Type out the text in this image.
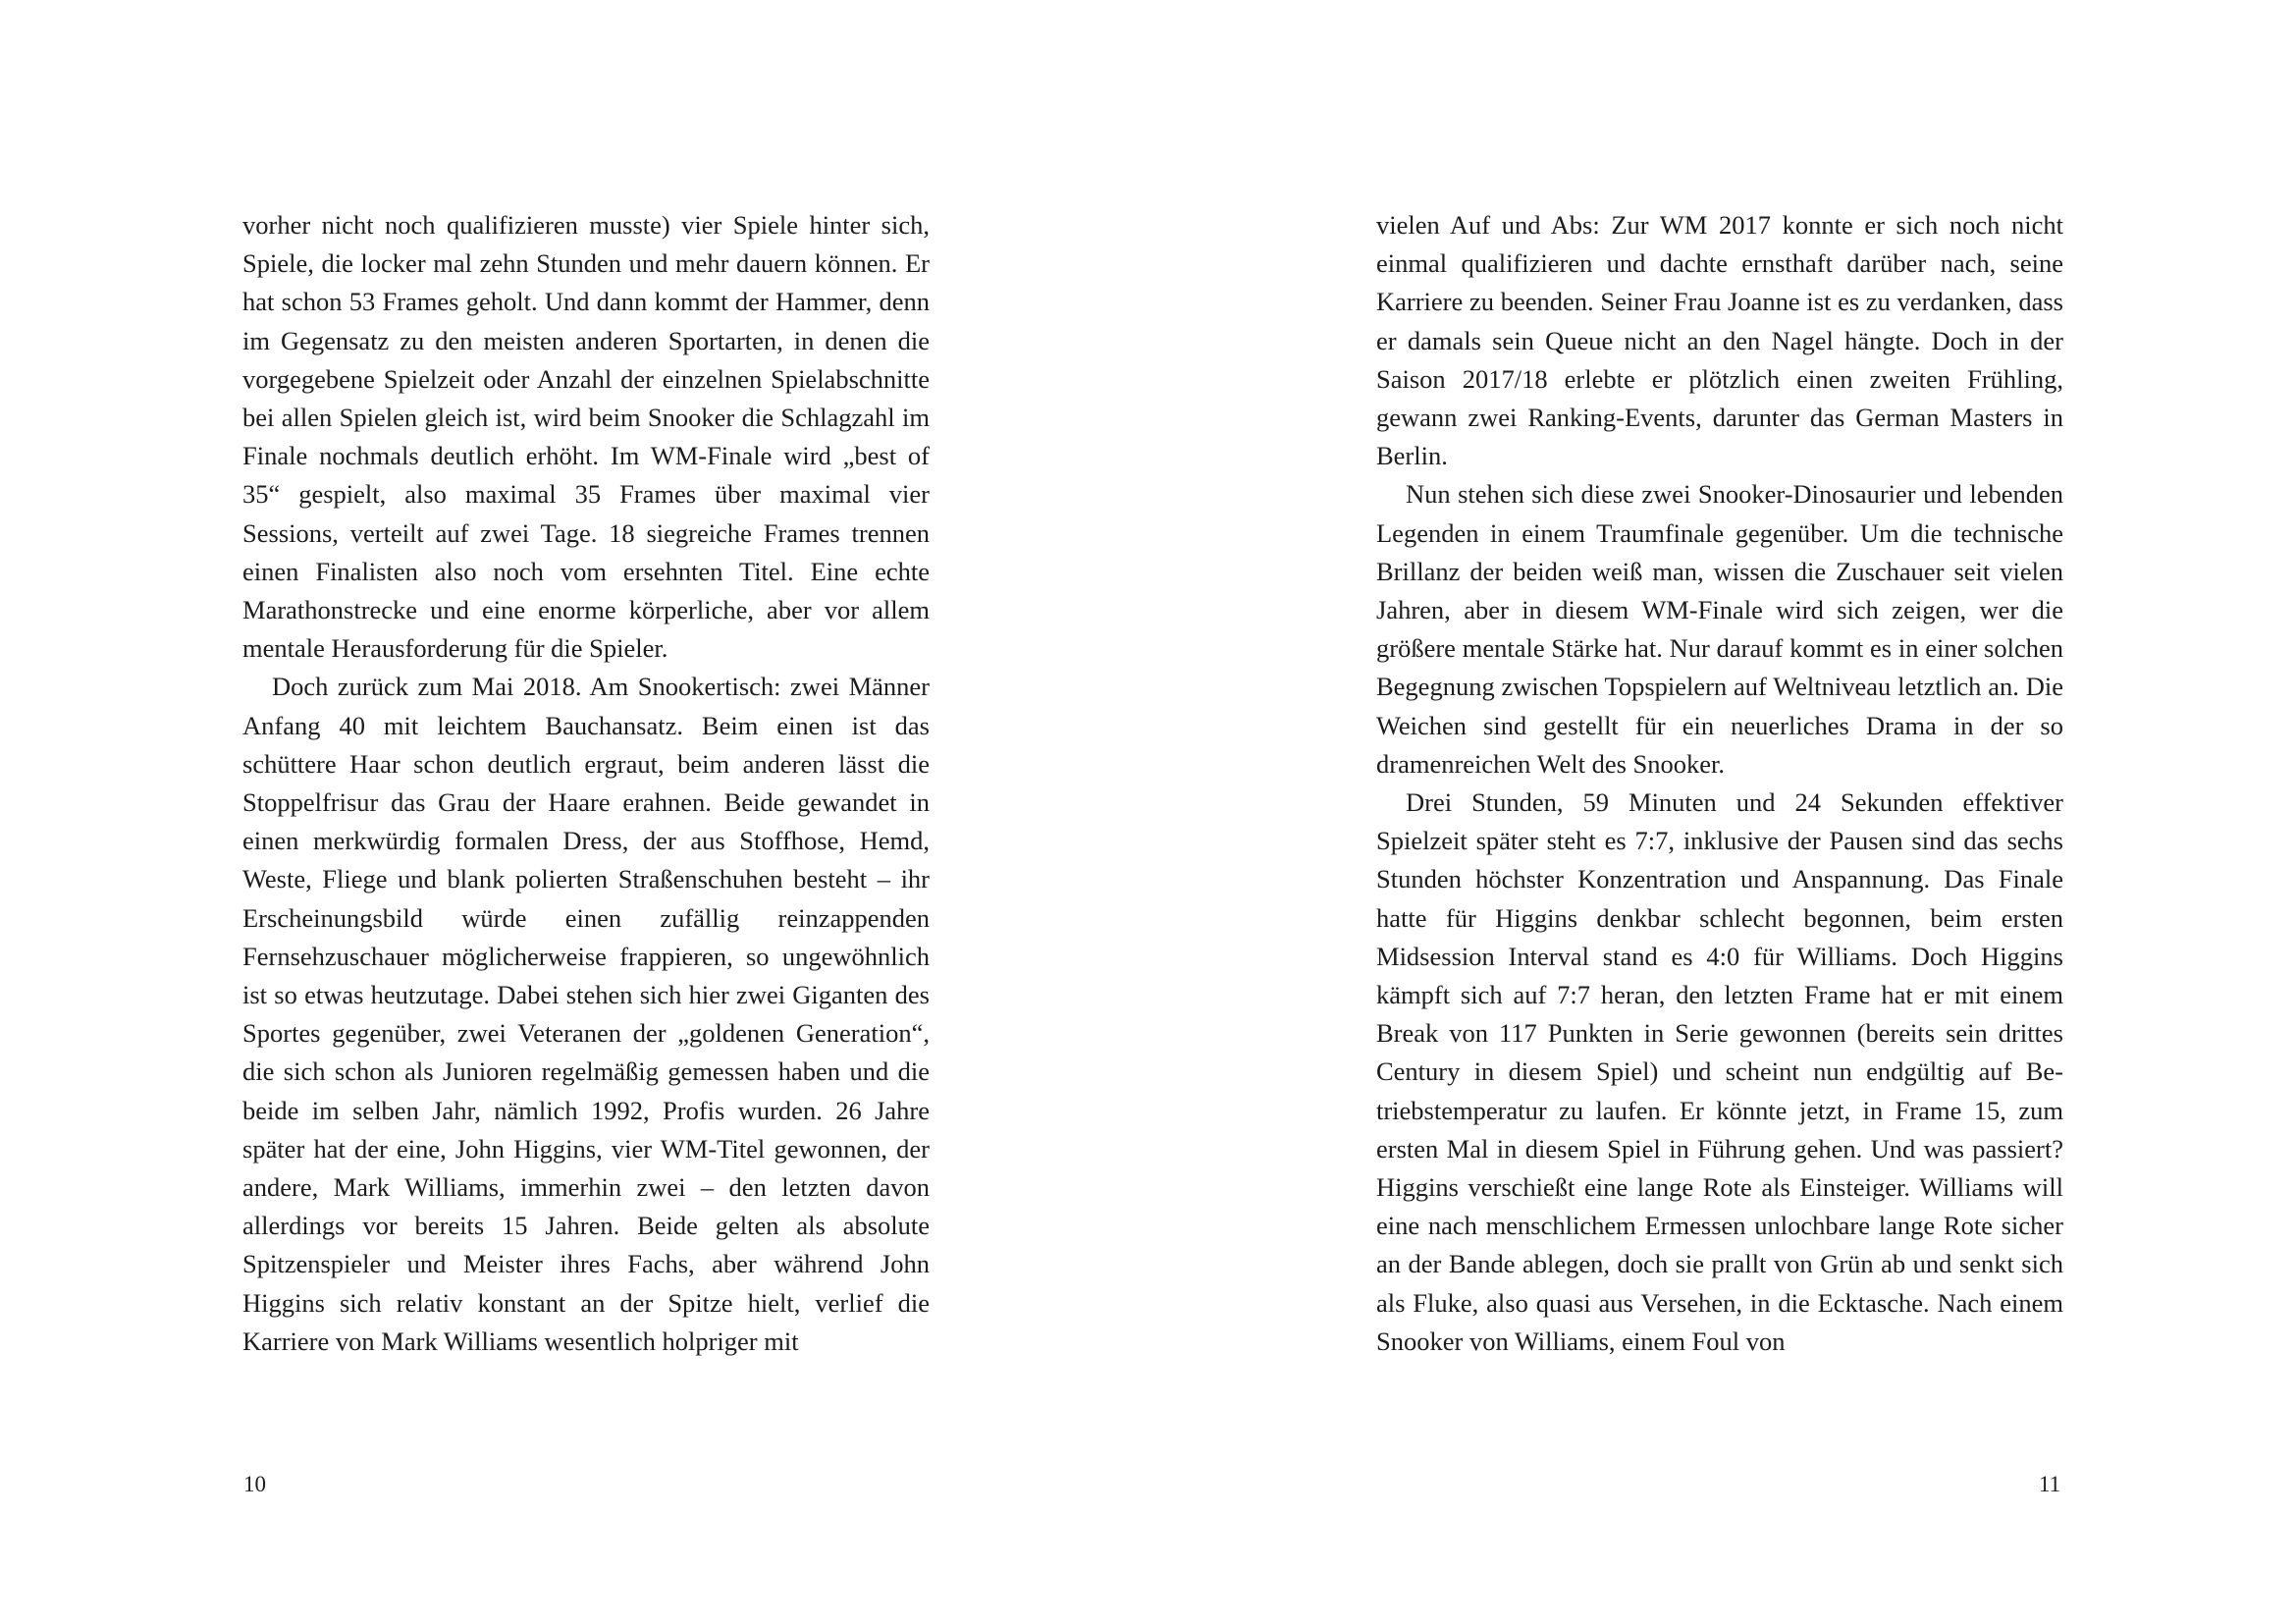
vorher nicht noch qualifizieren musste) vier Spiele hinter sich, Spiele, die locker mal zehn Stunden und mehr dauern können. Er hat schon 53 Frames geholt. Und dann kommt der Hammer, denn im Gegensatz zu den meisten anderen Sportarten, in denen die vorgegebene Spielzeit oder Anzahl der einzelnen Spielabschnitte bei allen Spielen gleich ist, wird beim Snooker die Schlagzahl im Finale nochmals deutlich erhöht. Im WM-Finale wird „best of 35“ gespielt, also maximal 35 Frames über maximal vier Sessions, verteilt auf zwei Tage. 18 siegreiche Frames trennen einen Finalisten also noch vom ersehnten Titel. Eine echte Marathonstrecke und eine enorme körperliche, aber vor allem mentale Herausforderung für die Spieler.

Doch zurück zum Mai 2018. Am Snookertisch: zwei Männer Anfang 40 mit leichtem Bauchansatz. Beim einen ist das schüttere Haar schon deutlich ergraut, beim anderen lässt die Stoppelfrisur das Grau der Haare erahnen. Beide gewandet in einen merkwürdig formalen Dress, der aus Stoffhose, Hemd, Weste, Fliege und blank polierten Straßenschuhen besteht – ihr Erscheinungsbild würde einen zufällig reinzappenden Fernsehzuschauer möglicherweise frappieren, so ungewöhnlich ist so etwas heutzutage. Dabei stehen sich hier zwei Giganten des Sportes gegenüber, zwei Veteranen der „goldenen Generation“, die sich schon als Junioren regelmäßig gemessen haben und die beide im selben Jahr, nämlich 1992, Profis wurden. 26 Jahre später hat der eine, John Higgins, vier WM-Titel gewonnen, der andere, Mark Williams, immerhin zwei – den letzten davon allerdings vor bereits 15 Jahren. Beide gelten als absolute Spitzenspieler und Meister ihres Fachs, aber während John Higgins sich relativ konstant an der Spitze hielt, verlief die Karriere von Mark Williams wesentlich holpriger mit

10

vielen Auf und Abs: Zur WM 2017 konnte er sich noch nicht einmal qualifizieren und dachte ernsthaft darüber nach, seine Karriere zu beenden. Seiner Frau Joanne ist es zu verdanken, dass er damals sein Queue nicht an den Nagel hängte. Doch in der Saison 2017/18 erlebte er plötzlich einen zweiten Frühling, gewann zwei Ranking-Events, darunter das German Masters in Berlin.

Nun stehen sich diese zwei Snooker-Dinosaurier und lebenden Legenden in einem Traumfinale gegenüber. Um die technische Brillanz der beiden weiß man, wissen die Zuschauer seit vielen Jahren, aber in diesem WM-Finale wird sich zeigen, wer die größere mentale Stärke hat. Nur darauf kommt es in einer solchen Begegnung zwischen Topspielern auf Weltniveau letztlich an. Die Weichen sind gestellt für ein neuerliches Drama in der so dramenreichen Welt des Snooker.

Drei Stunden, 59 Minuten und 24 Sekunden effektiver Spielzeit später steht es 7:7, inklusive der Pausen sind das sechs Stunden höchster Konzentration und Anspannung. Das Finale hatte für Higgins denkbar schlecht begonnen, beim ersten Midsession Interval stand es 4:0 für Williams. Doch Higgins kämpft sich auf 7:7 heran, den letzten Frame hat er mit einem Break von 117 Punkten in Serie gewonnen (bereits sein drittes Century in diesem Spiel) und scheint nun endgültig auf Betriebstemperatur zu laufen. Er könnte jetzt, in Frame 15, zum ersten Mal in diesem Spiel in Führung gehen. Und was passiert? Higgins verschießt eine lange Rote als Einsteiger. Williams will eine nach menschlichem Ermessen unlochbare lange Rote sicher an der Bande ablegen, doch sie prallt von Grün ab und senkt sich als Fluke, also quasi aus Versehen, in die Ecktasche. Nach einem Snooker von Williams, einem Foul von

11
